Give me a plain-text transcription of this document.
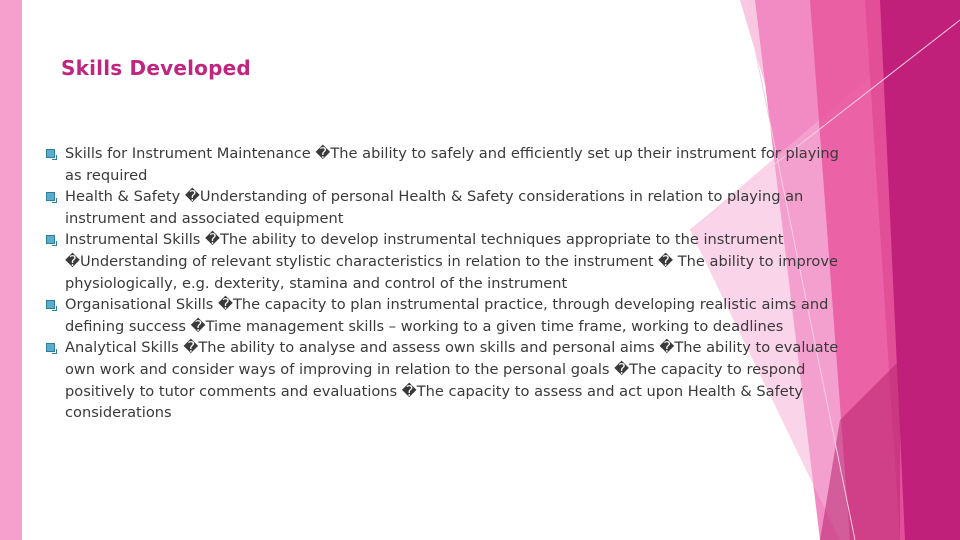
Skills Developed
Skills for Instrument Maintenance �The ability to safely and efficiently set up their instrument for playing as required
Health & Safety �Understanding of personal Health & Safety considerations in relation to playing an instrument and associated equipment
Instrumental Skills �The ability to develop instrumental techniques appropriate to the instrument �Understanding of relevant stylistic characteristics in relation to the instrument � The ability to improve physiologically, e.g. dexterity, stamina and control of the instrument
Organisational Skills �The capacity to plan instrumental practice, through developing realistic aims and defining success �Time management skills – working to a given time frame, working to deadlines
Analytical Skills �The ability to analyse and assess own skills and personal aims �The ability to evaluate own work and consider ways of improving in relation to the personal goals �The capacity to respond positively to tutor comments and evaluations �The capacity to assess and act upon Health & Safety considerations
